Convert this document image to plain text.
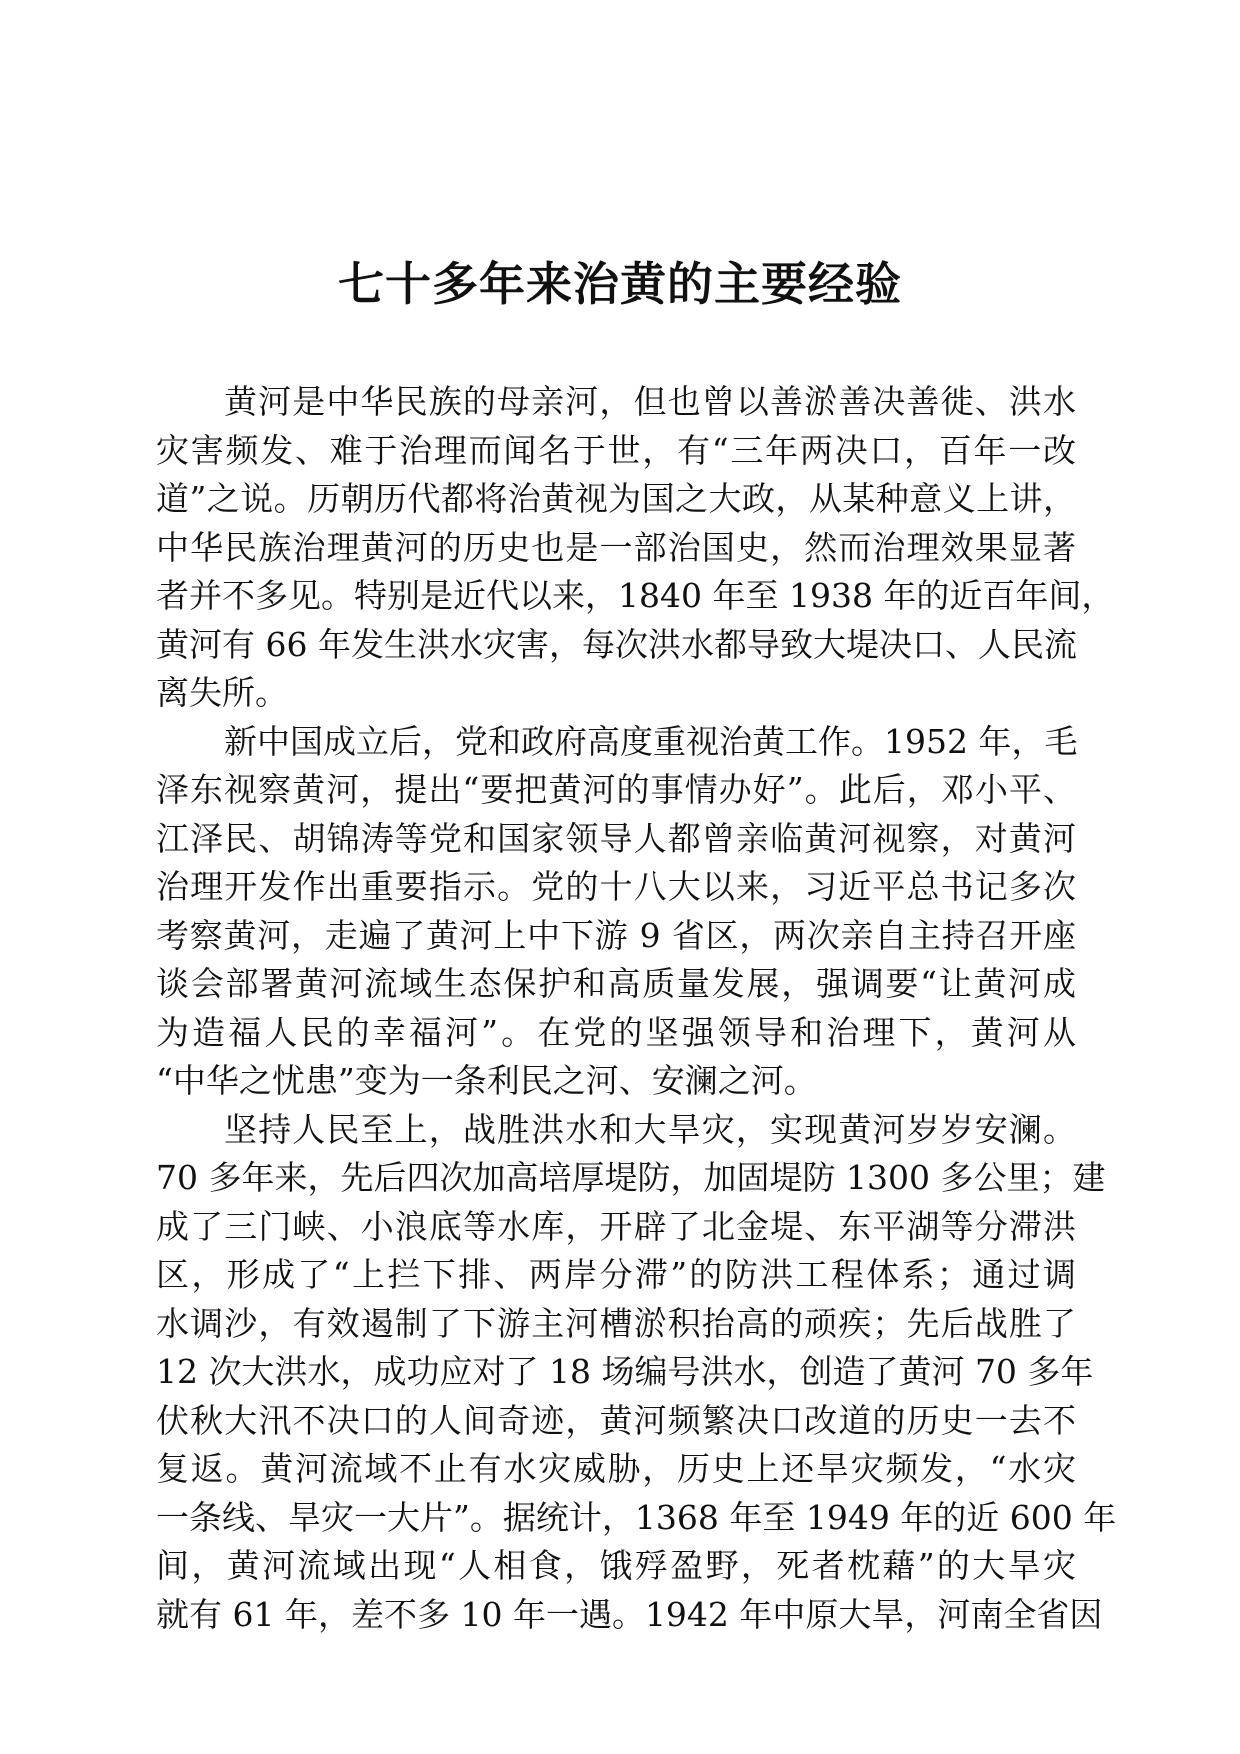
七十多年来治黄的主要经验
黄河是中华民族的母亲河，但也曾以善淤善决善徙、洪水
灾害频发、难于治理而闻名于世，有“三年两决口，百年一改
道”之说。历朝历代都将治黄视为国之大政，从某种意义上讲，
中华民族治理黄河的历史也是一部治国史，然而治理效果显著
者并不多见。特别是近代以来，1840 年至 1938 年的近百年间，
黄河有 66 年发生洪水灾害，每次洪水都导致大堤决口、人民流
离失所。
新中国成立后，党和政府高度重视治黄工作。1952 年，毛
泽东视察黄河，提出“要把黄河的事情办好”。此后，邓小平、
江泽民、胡锦涛等党和国家领导人都曾亲临黄河视察，对黄河
治理开发作出重要指示。党的十八大以来，习近平总书记多次
考察黄河，走遍了黄河上中下游 9 省区，两次亲自主持召开座
谈会部署黄河流域生态保护和高质量发展，强调要“让黄河成
为造福人民的幸福河”。在党的坚强领导和治理下，黄河从
“中华之忧患”变为一条利民之河、安澜之河。
坚持人民至上，战胜洪水和大旱灾，实现黄河岁岁安澜。
70 多年来，先后四次加高培厚堤防，加固堤防 1300 多公里；建
成了三门峡、小浪底等水库，开辟了北金堤、东平湖等分滞洪
区，形成了“上拦下排、两岸分滞”的防洪工程体系；通过调
水调沙，有效遏制了下游主河槽淤积抬高的顽疾；先后战胜了
12 次大洪水，成功应对了 18 场编号洪水，创造了黄河 70 多年
伏秋大汛不决口的人间奇迹，黄河频繁决口改道的历史一去不
复返。黄河流域不止有水灾威胁，历史上还旱灾频发，“水灾
一条线、旱灾一大片”。据统计，1368 年至 1949 年的近 600 年
间，黄河流域出现“人相食，饿殍盈野，死者枕藉”的大旱灾
就有 61 年，差不多 10 年一遇。1942 年中原大旱，河南全省因
